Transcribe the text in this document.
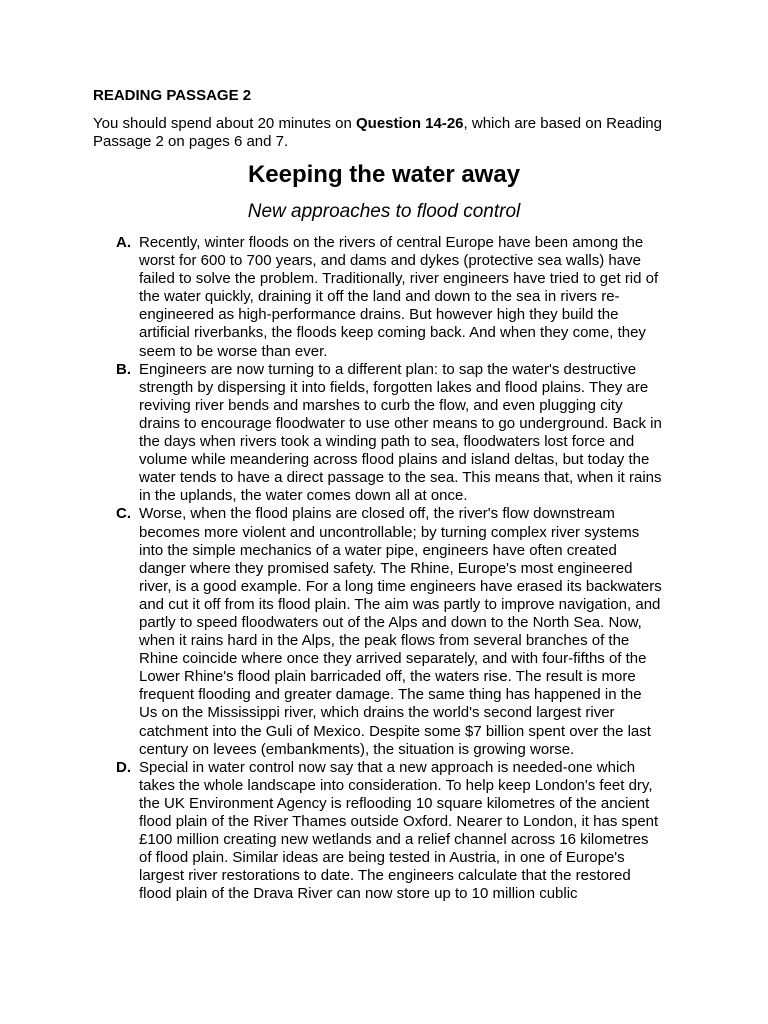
READING PASSAGE 2
You should spend about 20 minutes on Question 14-26, which are based on Reading Passage 2 on pages 6 and 7.
Keeping the water away
New approaches to flood control
A. Recently, winter floods on the rivers of central Europe have been among the worst for 600 to 700 years, and dams and dykes (protective sea walls) have failed to solve the problem. Traditionally, river engineers have tried to get rid of the water quickly, draining it off the land and down to the sea in rivers re-engineered as high-performance drains. But however high they build the artificial riverbanks, the floods keep coming back. And when they come, they seem to be worse than ever.
B. Engineers are now turning to a different plan: to sap the water's destructive strength by dispersing it into fields, forgotten lakes and flood plains. They are reviving river bends and marshes to curb the flow, and even plugging city drains to encourage floodwater to use other means to go underground. Back in the days when rivers took a winding path to sea, floodwaters lost force and volume while meandering across flood plains and island deltas, but today the water tends to have a direct passage to the sea. This means that, when it rains in the uplands, the water comes down all at once.
C. Worse, when the flood plains are closed off, the river's flow downstream becomes more violent and uncontrollable; by turning complex river systems into the simple mechanics of a water pipe, engineers have often created danger where they promised safety. The Rhine, Europe's most engineered river, is a good example. For a long time engineers have erased its backwaters and cut it off from its flood plain. The aim was partly to improve navigation, and partly to speed floodwaters out of the Alps and down to the North Sea. Now, when it rains hard in the Alps, the peak flows from several branches of the Rhine coincide where once they arrived separately, and with four-fifths of the Lower Rhine's flood plain barricaded off, the waters rise. The result is more frequent flooding and greater damage. The same thing has happened in the Us on the Mississippi river, which drains the world's second largest river catchment into the Guli of Mexico. Despite some $7 billion spent over the last century on levees (embankments), the situation is growing worse.
D. Special in water control now say that a new approach is needed-one which takes the whole landscape into consideration. To help keep London's feet dry, the UK Environment Agency is reflooding 10 square kilometres of the ancient flood plain of the River Thames outside Oxford. Nearer to London, it has spent £100 million creating new wetlands and a relief channel across 16 kilometres of flood plain. Similar ideas are being tested in Austria, in one of Europe's largest river restorations to date. The engineers calculate that the restored flood plain of the Drava River can now store up to 10 million cublic
